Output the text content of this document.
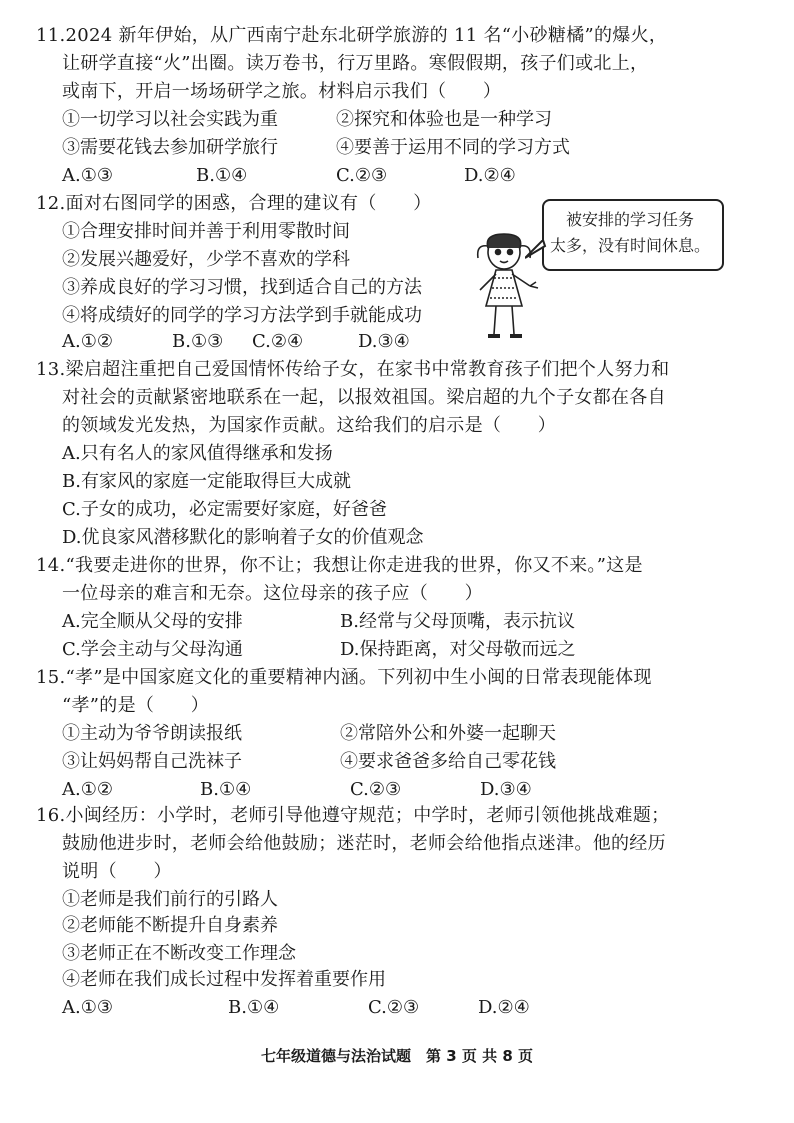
11.2024 新年伊始，从广西南宁赴东北研学旅游的 11 名“小砂糖橘”的爆火，
让研学直接“火”出圈。读万卷书，行万里路。寒假假期，孩子们或北上，
或南下，开启一场场研学之旅。材料启示我们（　　）
①一切学习以社会实践为重	②探究和体验也是一种学习
③需要花钱去参加研学旅行	④要善于运用不同的学习方式
A.①③	B.①④	C.②③	D.②④
12.面对右图同学的困惑，合理的建议有（　　）
①合理安排时间并善于利用零散时间
②发展兴趣爱好，少学不喜欢的学科
③养成良好的学习习惯，找到适合自己的方法
④将成绩好的同学的学习方法学到手就能成功
A.①②	B.①③ C.②④	D.③④
被安排的学习任务
太多，没有时间休息。
13.梁启超注重把自己爱国情怀传给子女，在家书中常教育孩子们把个人努力和
对社会的贡献紧密地联系在一起，以报效祖国。梁启超的九个子女都在各自
的领域发光发热，为国家作贡献。这给我们的启示是（　　）
A.只有名人的家风值得继承和发扬
B.有家风的家庭一定能取得巨大成就
C.子女的成功，必定需要好家庭，好爸爸
D.优良家风潜移默化的影响着子女的价值观念
14.“我要走进你的世界，你不让；我想让你走进我的世界，你又不来。”这是
一位母亲的难言和无奈。这位母亲的孩子应（　　）
A.完全顺从父母的安排	B.经常与父母顶嘴，表示抗议
C.学会主动与父母沟通	D.保持距离，对父母敬而远之
15.“孝”是中国家庭文化的重要精神内涵。下列初中生小闽的日常表现能体现
“孝”的是（　　）
①主动为爷爷朗读报纸	②常陪外公和外婆一起聊天
③让妈妈帮自己洗袜子	④要求爸爸多给自己零花钱
A.①②	B.①④	C.②③	D.③④
16.小闽经历：小学时，老师引导他遵守规范；中学时，老师引领他挑战难题；
鼓励他进步时，老师会给他鼓励；迷茫时，老师会给他指点迷津。他的经历
说明（　　）
①老师是我们前行的引路人
②老师能不断提升自身素养
③老师正在不断改变工作理念
④老师在我们成长过程中发挥着重要作用
A.①③	B.①④	C.②③	D.②④
七年级道德与法治试题　第 3 页 共 8 页
